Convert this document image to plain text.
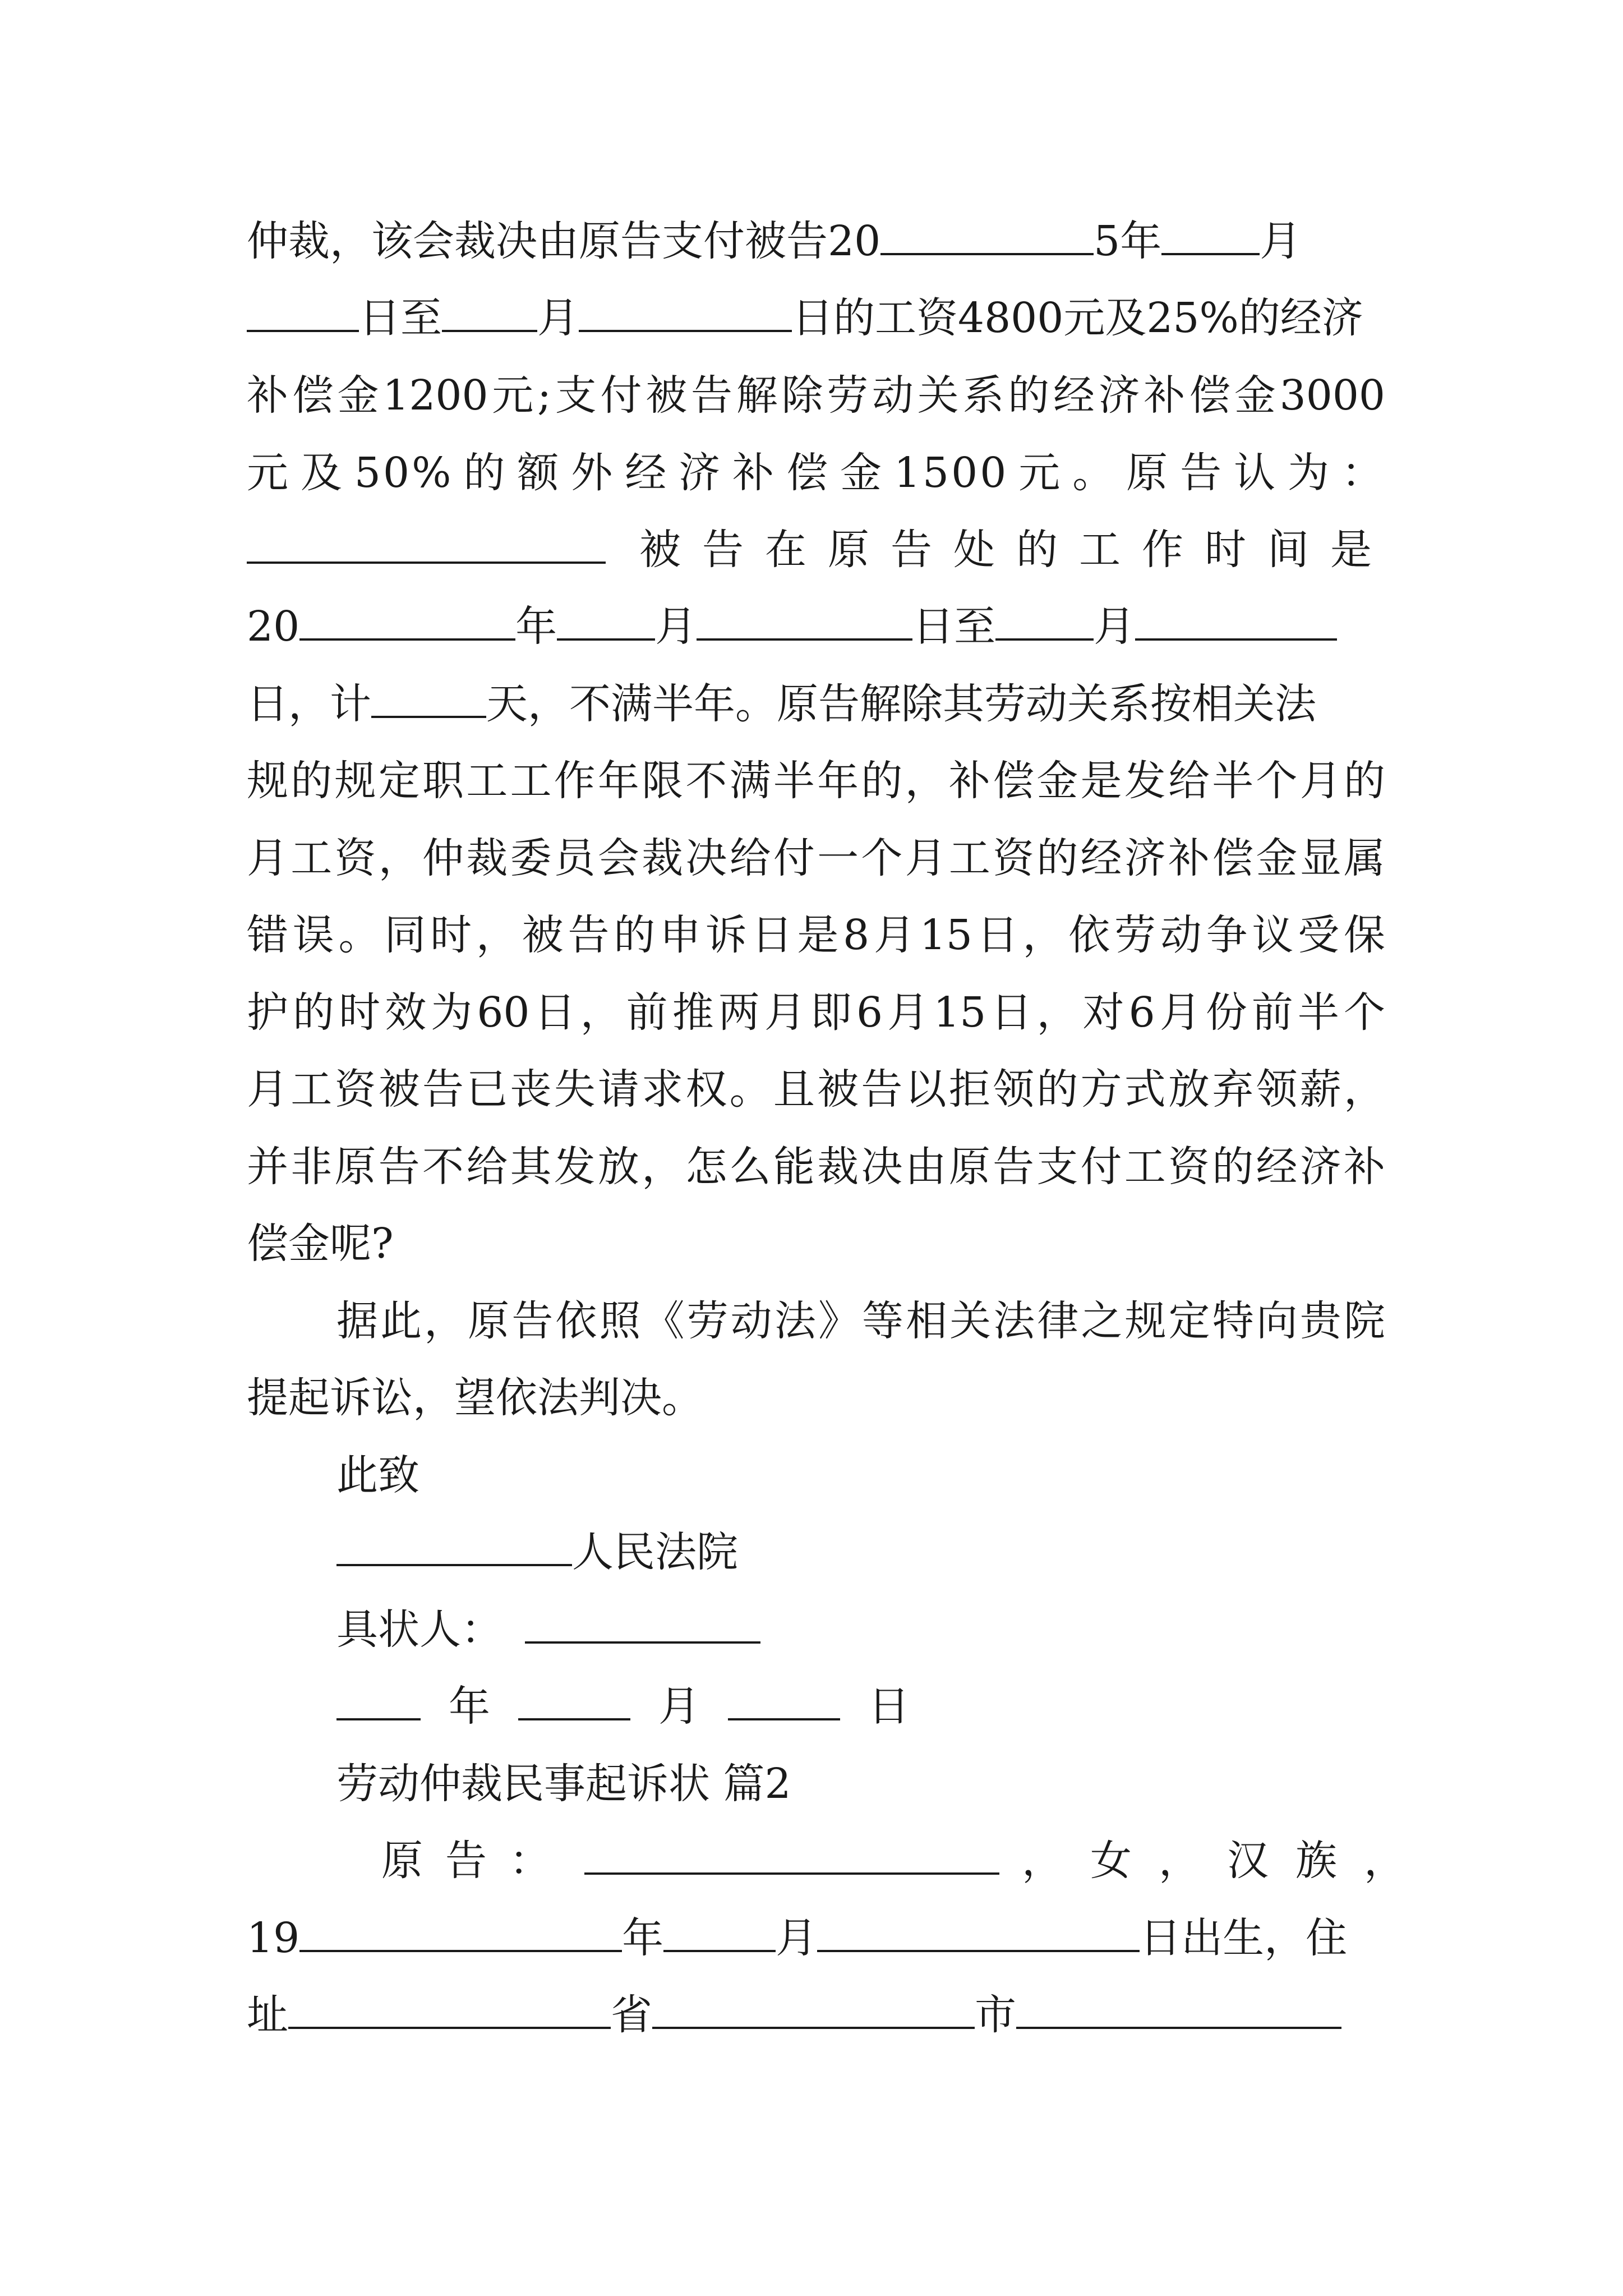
仲裁，该会裁决由原告支付被告20	5年 月
日至 月	日的工资4800元及25%的经济
补偿金1200元;支付被告解除劳动关系的经济补偿金3000
元及50%的额外经济补偿金1500元。原告认为：
被告在原告处的工作时间是
20	年 月	日至 月
日，计	天，不满半年。原告解除其劳动关系按相关法
规的规定职工工作年限不满半年的，补偿金是发给半个月的
月工资，仲裁委员会裁决给付一个月工资的经济补偿金显属
错误。同时，被告的申诉日是8月15日，依劳动争议受保
护的时效为60日，前推两月即6月15日，对6月份前半个
月工资被告已丧失请求权。且被告以拒领的方式放弃领薪，
并非原告不给其发放，怎么能裁决由原告支付工资的经济补
偿金呢?
据此，原告依照《劳动法》等相关法律之规定特向贵院
提起诉讼，望依法判决。
此致
人民法院
具状人：
年	月	日
劳动仲裁民事起诉状 篇2
原告：	，女，汉族，
19	年	月	日出生，住
址	省	市
